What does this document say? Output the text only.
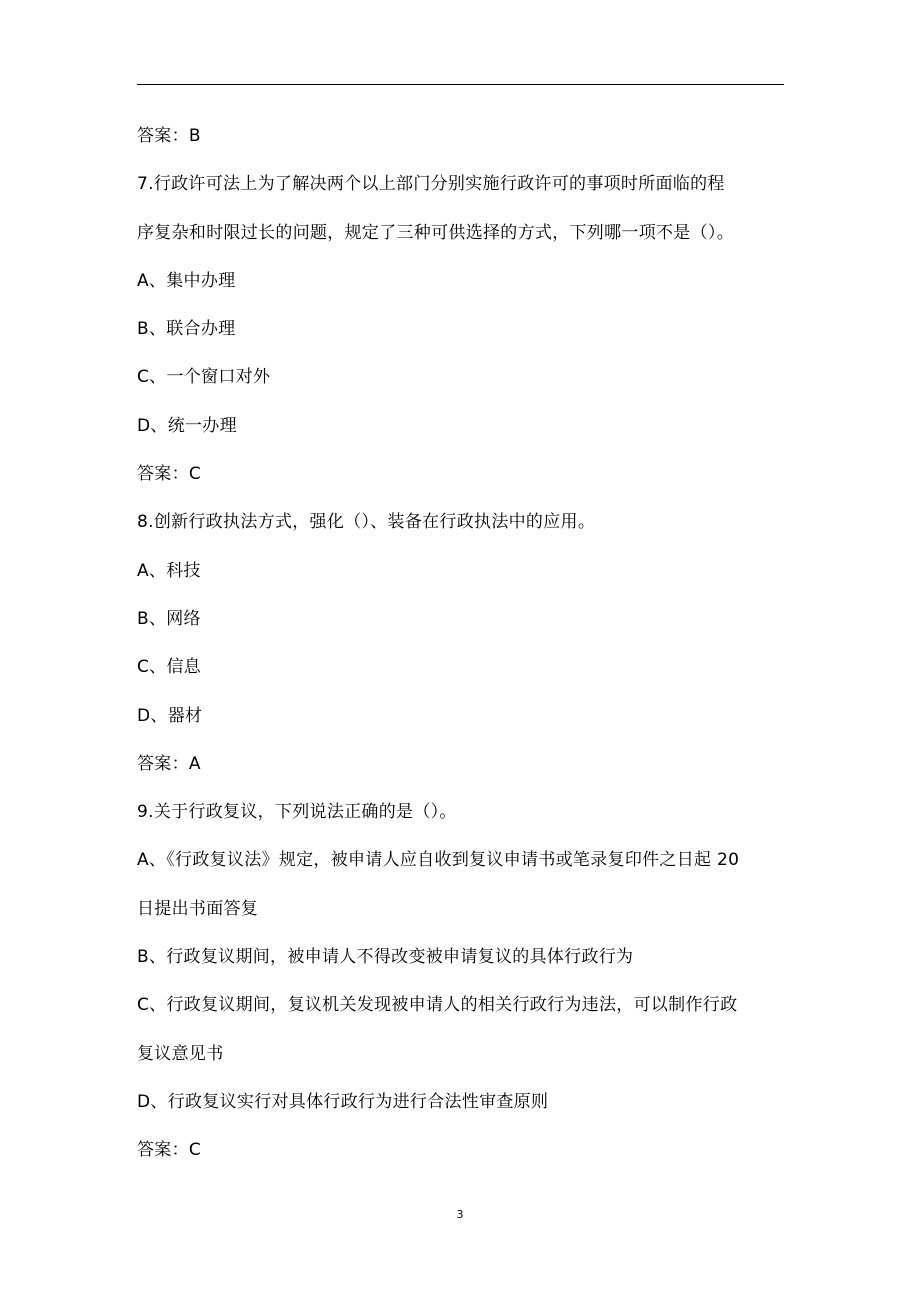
答案：B
7.行政许可法上为了解决两个以上部门分别实施行政许可的事项时所面临的程
序复杂和时限过长的问题，规定了三种可供选择的方式，下列哪一项不是（）。
A、集中办理
B、联合办理
C、一个窗口对外
D、统一办理
答案：C
8.创新行政执法方式，强化（）、装备在行政执法中的应用。
A、科技
B、网络
C、信息
D、器材
答案：A
9.关于行政复议，下列说法正确的是（）。
A、《行政复议法》规定，被申请人应自收到复议申请书或笔录复印件之日起 20
日提出书面答复
B、行政复议期间，被申请人不得改变被申请复议的具体行政行为
C、行政复议期间，复议机关发现被申请人的相关行政行为违法，可以制作行政
复议意见书
D、行政复议实行对具体行政行为进行合法性审查原则
答案：C
3
